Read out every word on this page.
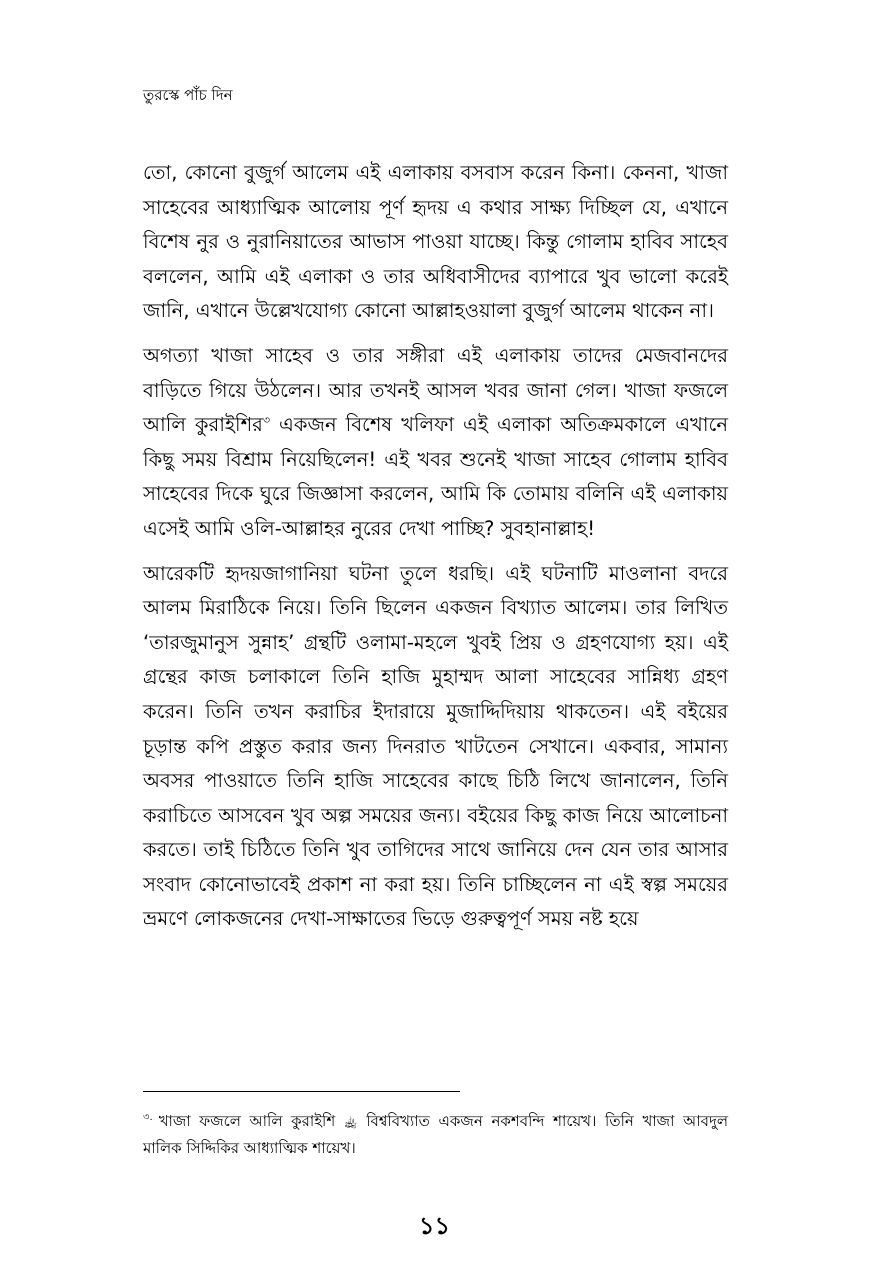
তুরস্কে পাঁচ দিন

তো, কোনো বুজুর্গ আলেম এই এলাকায় বসবাস করেন কিনা। কেননা, খাজা সাহেবের আধ্যাত্মিক আলোয় পূর্ণ হৃদয় এ কথার সাক্ষ্য দিচ্ছিল যে, এখানে বিশেষ নুর ও নুরানিয়াতের আভাস পাওয়া যাচ্ছে। কিন্তু গোলাম হাবিব সাহেব বললেন, আমি এই এলাকা ও তার অধিবাসীদের ব্যাপারে খুব ভালো করেই জানি, এখানে উল্লেখযোগ্য কোনো আল্লাহওয়ালা বুজুর্গ আলেম থাকেন না।

অগত্যা খাজা সাহেব ও তার সঙ্গীরা এই এলাকায় তাদের মেজবানদের বাড়িতে গিয়ে উঠলেন। আর তখনই আসল খবর জানা গেল। খাজা ফজলে আলি কুরাইশির$^৩$ একজন বিশেষ খলিফা এই এলাকা অতিক্রমকালে এখানে কিছু সময় বিশ্রাম নিয়েছিলেন! এই খবর শুনেই খাজা সাহেব গোলাম হাবিব সাহেবের দিকে ঘুরে জিজ্ঞাসা করলেন, আমি কি তোমায় বলিনি এই এলাকায় এসেই আমি ওলি-আল্লাহর নুরের দেখা পাচ্ছি? সুবহানাল্লাহ!

আরেকটি হৃদয়জাগানিয়া ঘটনা তুলে ধরছি। এই ঘটনাটি মাওলানা বদরে আলম মিরাঠিকে নিয়ে। তিনি ছিলেন একজন বিখ্যাত আলেম। তার লিখিত ‘তারজুমানুস সুন্নাহ’ গ্রন্থটি ওলামা-মহলে খুবই প্রিয় ও গ্রহণযোগ্য হয়। এই গ্রন্থের কাজ চলাকালে তিনি হাজি মুহাম্মদ আলা সাহেবের সান্নিধ্য গ্রহণ করেন। তিনি তখন করাচির ইদারায়ে মুজাদ্দিদিয়ায় থাকতেন। এই বইয়ের চূড়ান্ত কপি প্রস্তুত করার জন্য দিনরাত খাটতেন সেখানে। একবার, সামান্য অবসর পাওয়াতে তিনি হাজি সাহেবের কাছে চিঠি লিখে জানালেন, তিনি করাচিতে আসবেন খুব অল্প সময়ের জন্য। বইয়ের কিছু কাজ নিয়ে আলোচনা করতে। তাই চিঠিতে তিনি খুব তাগিদের সাথে জানিয়ে দেন যেন তার আসার সংবাদ কোনোভাবেই প্রকাশ না করা হয়। তিনি চাচ্ছিলেন না এই স্বল্প সময়ের ভ্রমণে লোকজনের দেখা-সাক্ষাতের ভিড়ে গুরুত্বপূর্ণ সময় নষ্ট হয়ে

$^{৩.}$ খাজা ফজলে আলি কুরাইশি ﵀ বিশ্ববিখ্যাত একজন নকশবন্দি শায়েখ। তিনি খাজা আবদুল মালিক সিদ্দিকির আধ্যাত্মিক শায়েখ।
১১
